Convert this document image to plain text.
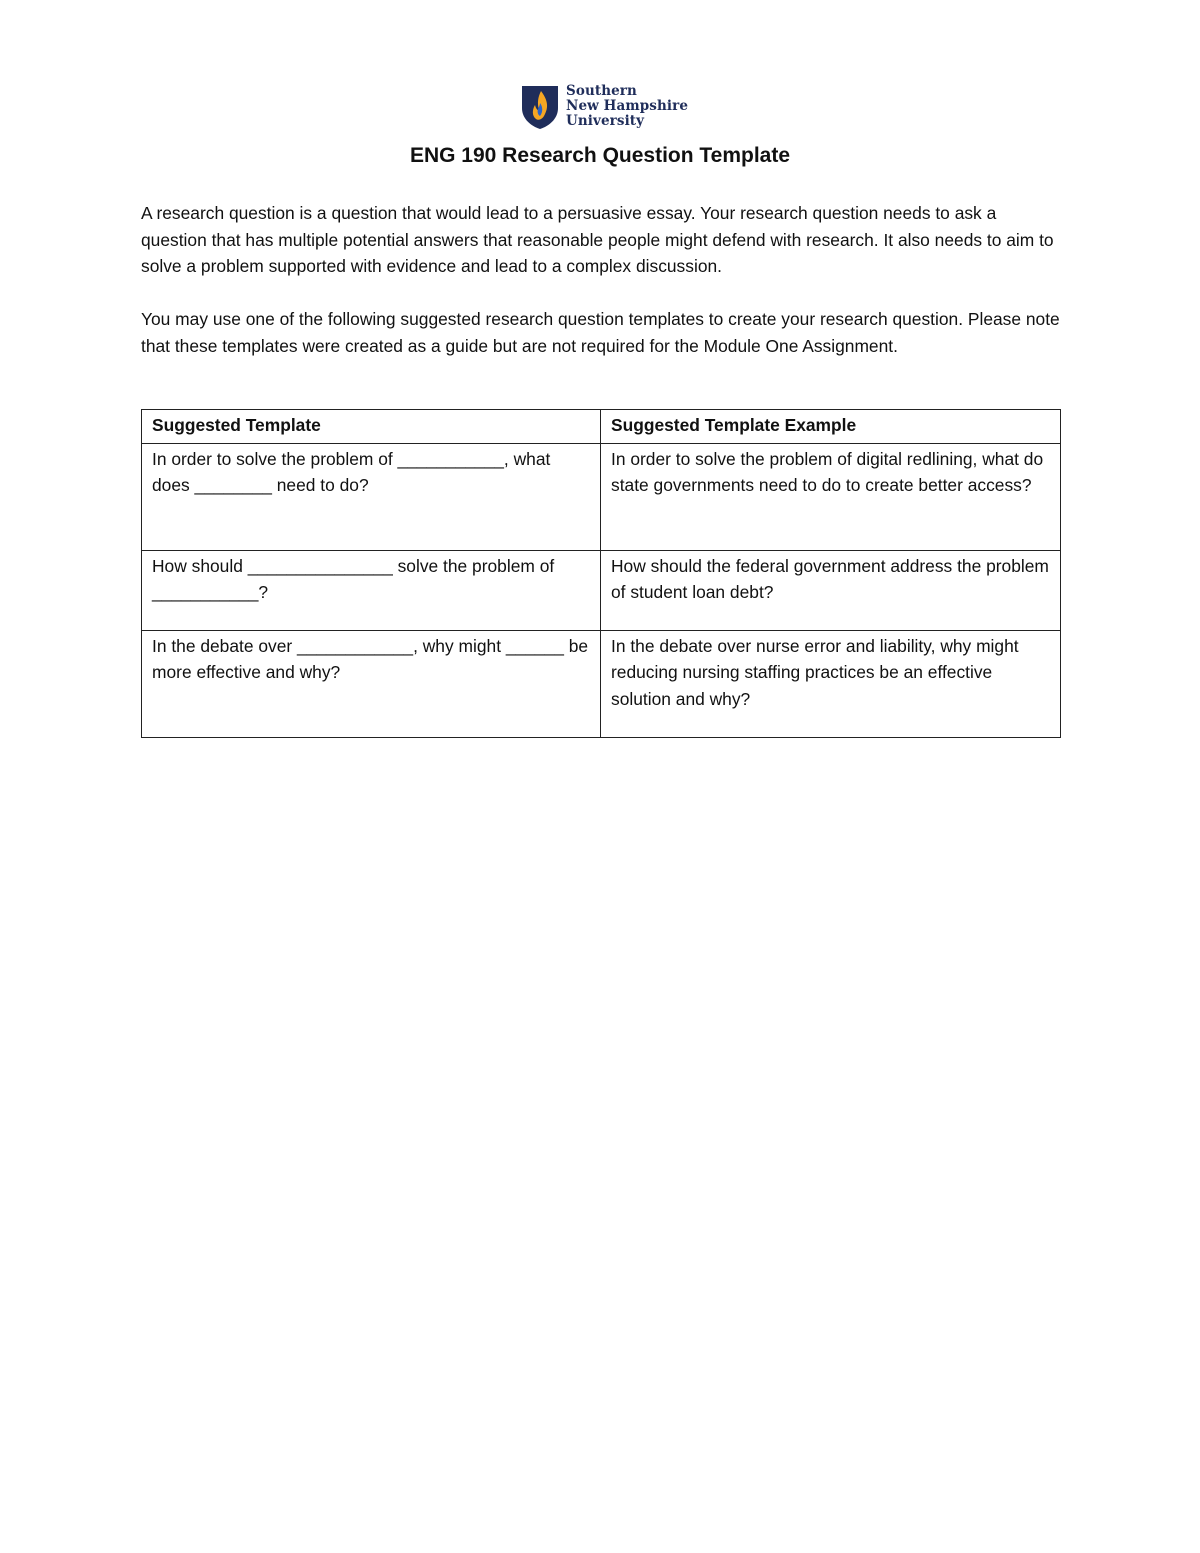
Southern
New Hampshire
University
ENG 190 Research Question Template

A research question is a question that would lead to a persuasive essay. Your research question needs to ask a question that has multiple potential answers that reasonable people might defend with research. It also needs to aim to solve a problem supported with evidence and lead to a complex discussion.

You may use one of the following suggested research question templates to create your research question. Please note that these templates were created as a guide but are not required for the Module One Assignment.

Suggested Template	Suggested Template Example
In order to solve the problem of ___________, what does ________ need to do?	In order to solve the problem of digital redlining, what do state governments need to do to create better access?
How should _______________ solve the problem of ___________?	How should the federal government address the problem of student loan debt?
In the debate over ____________, why might ______ be more effective and why?	In the debate over nurse error and liability, why might reducing nursing staffing practices be an effective solution and why?
